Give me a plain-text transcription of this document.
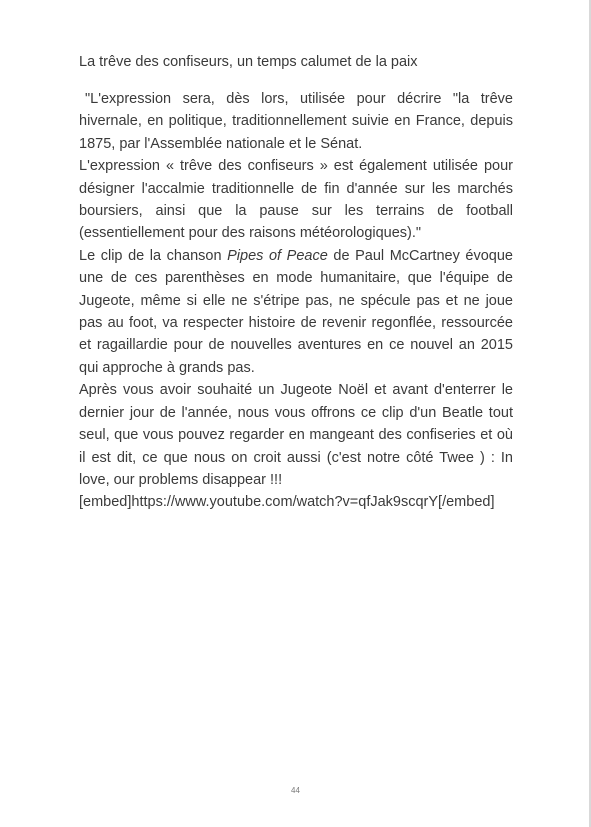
La trêve des confiseurs, un temps calumet de la paix

"L'expression sera, dès lors, utilisée pour décrire "la trêve hivernale, en politique, traditionnellement suivie en France, depuis 1875, par l'Assemblée nationale et le Sénat.

L'expression « trêve des confiseurs » est également utilisée pour désigner l'accalmie traditionnelle de fin d'année sur les marchés boursiers, ainsi que la pause sur les terrains de football (essentiellement pour des raisons météorologiques)."

Le clip de la chanson Pipes of Peace de Paul McCartney évoque une de ces parenthèses en mode humanitaire, que l'équipe de Jugeote, même si elle ne s'étripe pas, ne spécule pas et ne joue pas au foot, va respecter histoire de revenir regonflée, ressourcée et ragaillardie pour de nouvelles aventures en ce nouvel an 2015 qui approche à grands pas.

Après vous avoir souhaité un Jugeote Noël et avant d'enterrer le dernier jour de l'année, nous vous offrons ce clip d'un Beatle tout seul, que vous pouvez regarder en mangeant des confiseries et où il est dit, ce que nous on croit aussi (c'est notre côté Twee ) : In love, our problems disappear !!!

[embed]https://www.youtube.com/watch?v=qfJak9scqrY[/embed]

44
